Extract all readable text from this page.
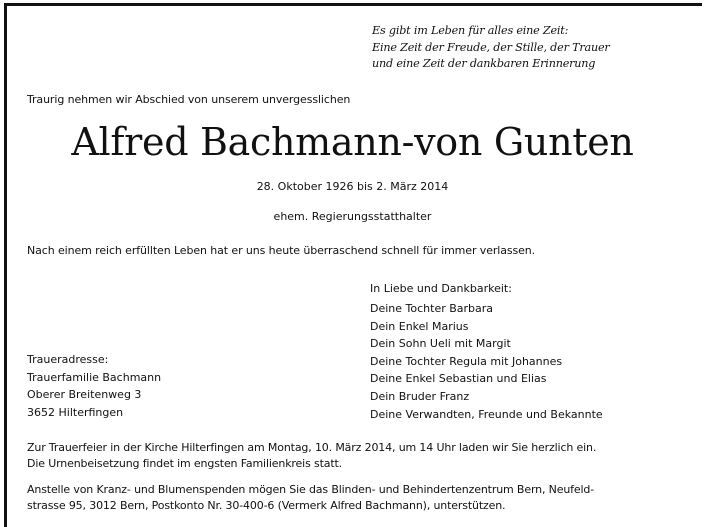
Es gibt im Leben für alles eine Zeit:
Eine Zeit der Freude, der Stille, der Trauer
und eine Zeit der dankbaren Erinnerung
Traurig nehmen wir Abschied von unserem unvergesslichen
Alfred Bachmann-von Gunten
28. Oktober 1926 bis 2. März 2014
ehem. Regierungsstatthalter
Nach einem reich erfüllten Leben hat er uns heute überraschend schnell für immer verlassen.
In Liebe und Dankbarkeit:
Deine Tochter Barbara
Dein Enkel Marius
Dein Sohn Ueli mit Margit
Deine Tochter Regula mit Johannes
Deine Enkel Sebastian und Elias
Dein Bruder Franz
Deine Verwandten, Freunde und Bekannte
Traueradresse:
Trauerfamilie Bachmann
Oberer Breitenweg 3
3652 Hilterfingen
Zur Trauerfeier in der Kirche Hilterfingen am Montag, 10. März 2014, um 14 Uhr laden wir Sie herzlich ein.
Die Urnenbeisetzung findet im engsten Familienkreis statt.
Anstelle von Kranz- und Blumenspenden mögen Sie das Blinden- und Behindertenzentrum Bern, Neufeld-
strasse 95, 3012 Bern, Postkonto Nr. 30-400-6 (Vermerk Alfred Bachmann), unterstützen.
